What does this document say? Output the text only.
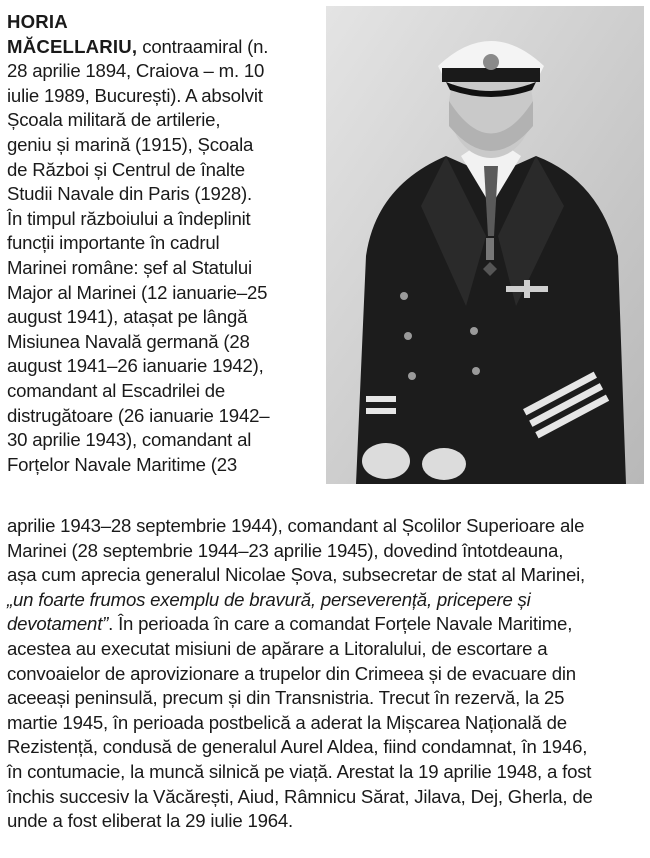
HORIA
MĂCELLARIU, contraamiral (n.
28 aprilie 1894, Craiova – m. 10
iulie 1989, București). A absolvit
Școala militară de artilerie,
geniu și marină (1915), Școala
de Război și Centrul de înalte
Studii Navale din Paris (1928).
În timpul războiului a îndeplinit
funcții importante în cadrul
Marinei române: șef al Statului
Major al Marinei (12 ianuarie–25
august 1941), atașat pe lângă
Misiunea Navală germană (28
august 1941–26 ianuarie 1942),
comandant al Escadrilei de
distrugătoare (26 ianuarie 1942–
30 aprilie 1943), comandant al
Forțelor Navale Maritime (23
aprilie 1943–28 septembrie 1944), comandant al Școlilor Superioare ale
Marinei (28 septembrie 1944–23 aprilie 1945), dovedind întotdeauna,
așa cum aprecia generalul Nicolae Șova, subsecretar de stat al Marinei,
„un foarte frumos exemplu de bravură, perseverență, pricepere și
devotament”. În perioada în care a comandat Forțele Navale Maritime,
acestea au executat misiuni de apărare a Litoralului, de escortare a
convoaielor de aprovizionare a trupelor din Crimeea și de evacuare din
aceeași peninsulă, precum și din Transnistria. Trecut în rezervă, la 25
martie 1945, în perioada postbelică a aderat la Mișcarea Națională de
Rezistență, condusă de generalul Aurel Aldea, fiind condamnat, în 1946,
în contumacie, la muncă silnică pe viață. Arestat la 19 aprilie 1948, a fost
închis succesiv la Văcărești, Aiud, Râmnicu Sărat, Jilava, Dej, Gherla, de
unde a fost eliberat la 29 iulie 1964.
